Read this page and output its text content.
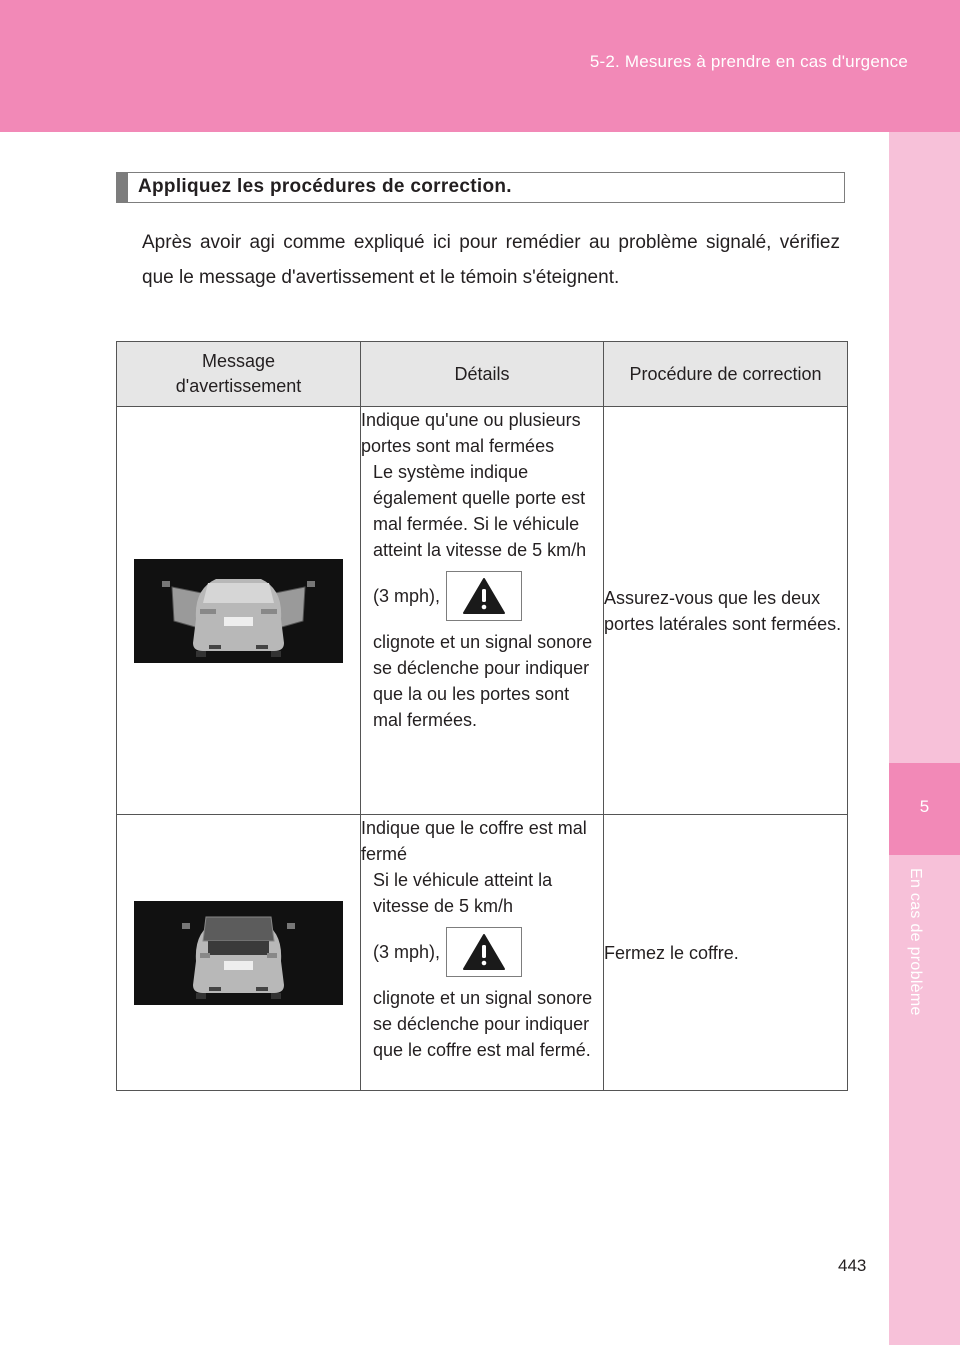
5-2. Mesures à prendre en cas d'urgence
5
En cas de problème
Appliquez les procédures de correction.
Après avoir agi comme expliqué ici pour remédier au problème signalé, vérifiez que le message d'avertissement et le témoin s'éteignent.
Message d'avertissement	Détails	Procédure de correction

Indique qu'une ou plusieurs portes sont mal fermées
Le système indique également quelle porte est mal fermée. Si le véhicule atteint la vitesse de 5 km/h
(3 mph),
clignote et un signal sonore se déclenche pour indiquer que la ou les portes sont mal fermées.	Assurez-vous que les deux portes latérales sont fermées.

Indique que le coffre est mal fermé
Si le véhicule atteint la vitesse de 5 km/h
(3 mph),
clignote et un signal sonore se déclenche pour indiquer que le coffre est mal fermé.	Fermez le coffre.
443
